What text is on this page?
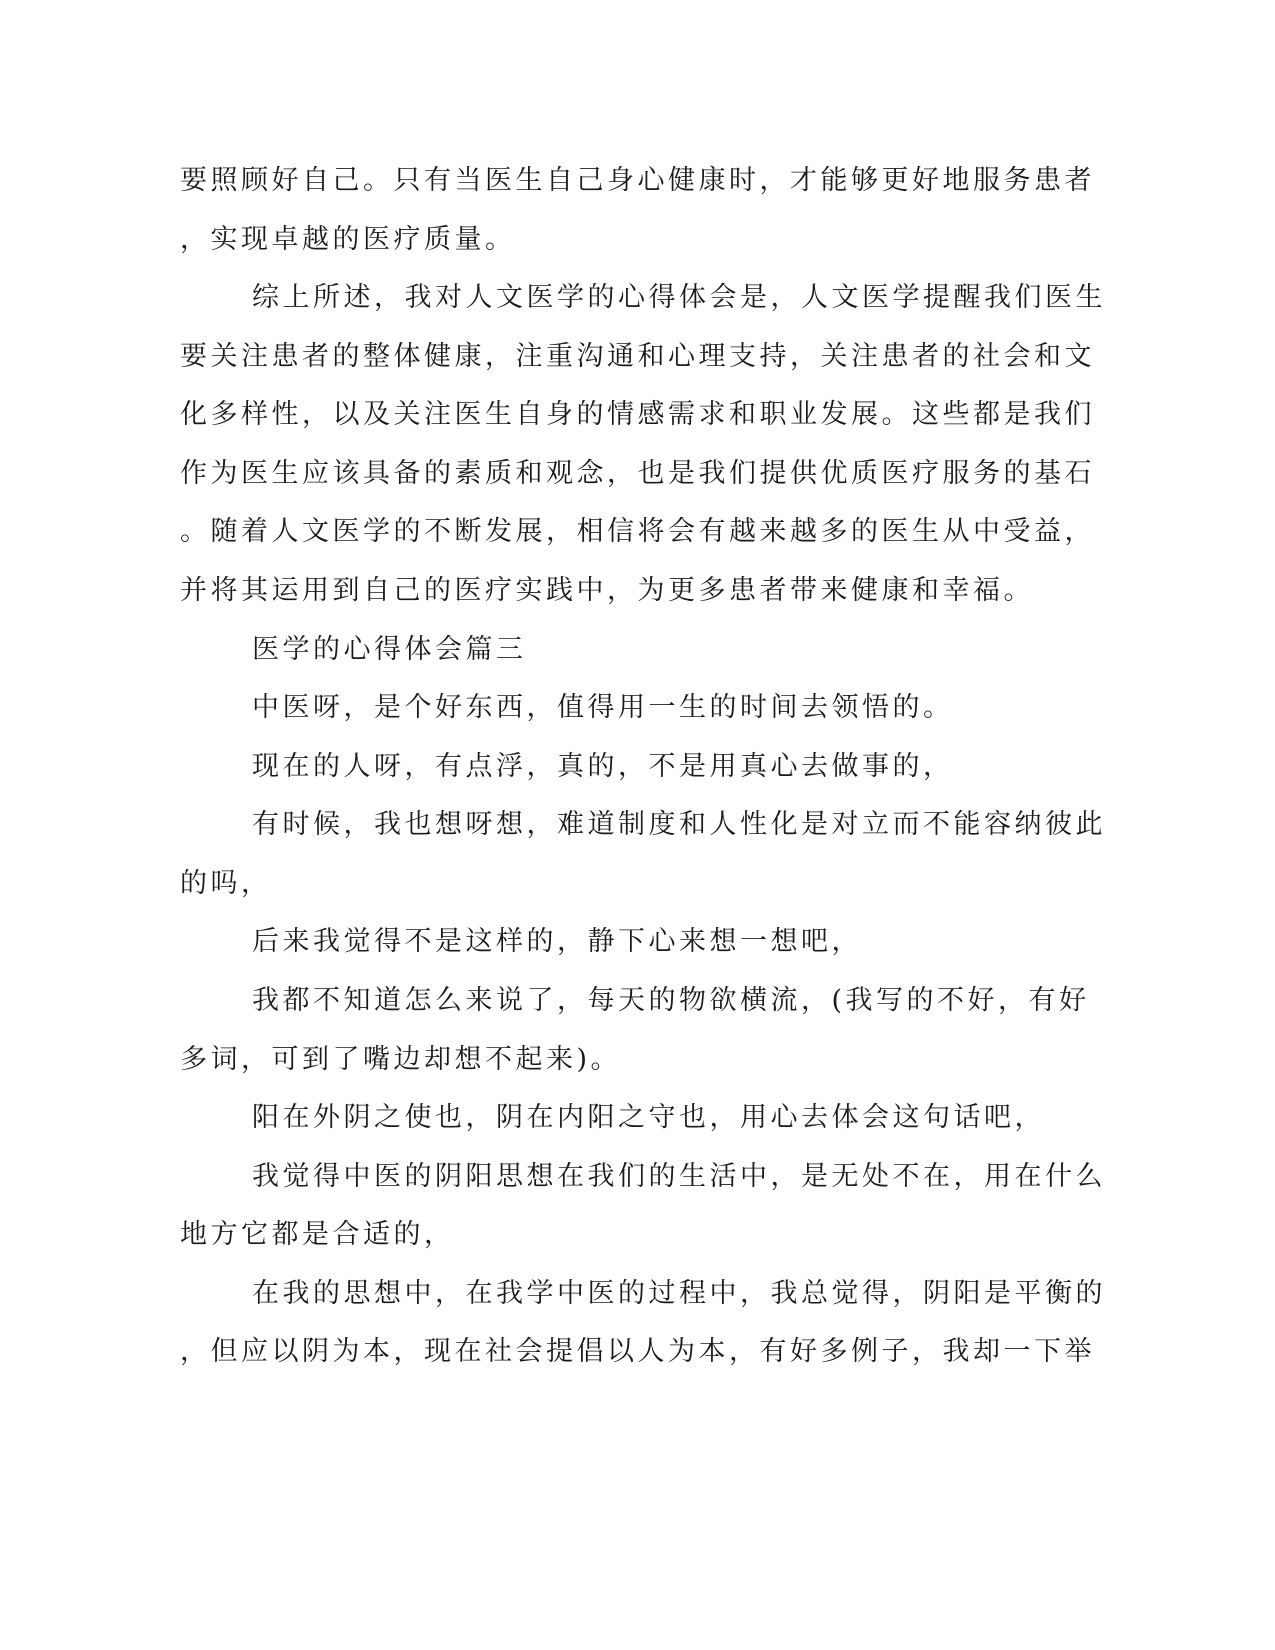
要照顾好自己。只有当医生自己身心健康时，才能够更好地服务患者

，实现卓越的医疗质量。

综上所述，我对人文医学的心得体会是，人文医学提醒我们医生

要关注患者的整体健康，注重沟通和心理支持，关注患者的社会和文

化多样性，以及关注医生自身的情感需求和职业发展。这些都是我们

作为医生应该具备的素质和观念，也是我们提供优质医疗服务的基石

。随着人文医学的不断发展，相信将会有越来越多的医生从中受益，

并将其运用到自己的医疗实践中，为更多患者带来健康和幸福。

医学的心得体会篇三

中医呀，是个好东西，值得用一生的时间去领悟的。

现在的人呀，有点浮，真的，不是用真心去做事的，

有时候，我也想呀想，难道制度和人性化是对立而不能容纳彼此

的吗，

后来我觉得不是这样的，静下心来想一想吧，

我都不知道怎么来说了，每天的物欲横流，(我写的不好，有好

多词，可到了嘴边却想不起来)。

阳在外阴之使也，阴在内阳之守也，用心去体会这句话吧，

我觉得中医的阴阳思想在我们的生活中，是无处不在，用在什么

地方它都是合适的，

在我的思想中，在我学中医的过程中，我总觉得，阴阳是平衡的

，但应以阴为本，现在社会提倡以人为本，有好多例子，我却一下举
